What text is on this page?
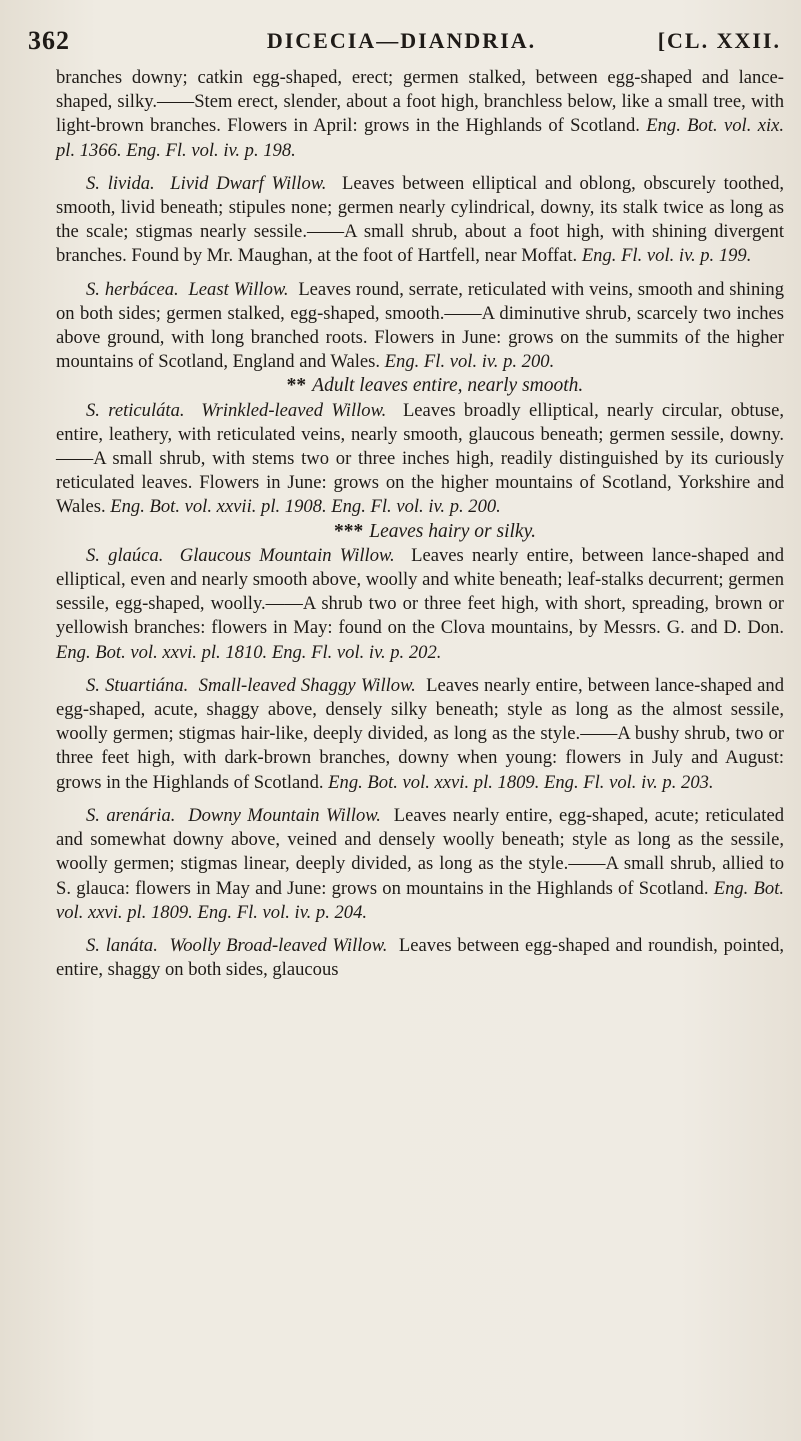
362	DICECIA—DIANDRIA.	[CL. XXII.

branches downy; catkin egg-shaped, erect; germen stalked, between egg-shaped and lance-shaped, silky.——Stem erect, slender, about a foot high, branchless below, like a small tree, with light-brown branches. Flowers in April: grows in the Highlands of Scotland. Eng. Bot. vol. xix. pl. 1366. Eng. Fl. vol. iv. p. 198.

S. livida. Livid Dwarf Willow. Leaves between elliptical and oblong, obscurely toothed, smooth, livid beneath; stipules none; germen nearly cylindrical, downy, its stalk twice as long as the scale; stigmas nearly sessile.——A small shrub, about a foot high, with shining divergent branches. Found by Mr. Maughan, at the foot of Hartfell, near Moffat. Eng. Fl. vol. iv. p. 199.

S. herbácea. Least Willow. Leaves round, serrate, reticulated with veins, smooth and shining on both sides; germen stalked, egg-shaped, smooth.——A diminutive shrub, scarcely two inches above ground, with long branched roots. Flowers in June: grows on the summits of the higher mountains of Scotland, England and Wales. Eng. Fl. vol. iv. p. 200.

** Adult leaves entire, nearly smooth.

S. reticuláta. Wrinkled-leaved Willow. Leaves broadly elliptical, nearly circular, obtuse, entire, leathery, with reticulated veins, nearly smooth, glaucous beneath; germen sessile, downy.——A small shrub, with stems two or three inches high, readily distinguished by its curiously reticulated leaves. Flowers in June: grows on the higher mountains of Scotland, Yorkshire and Wales. Eng. Bot. vol. xxvii. pl. 1908. Eng. Fl. vol. iv. p. 200.

*** Leaves hairy or silky.

S. glaúca. Glaucous Mountain Willow. Leaves nearly entire, between lance-shaped and elliptical, even and nearly smooth above, woolly and white beneath; leaf-stalks decurrent; germen sessile, egg-shaped, woolly.——A shrub two or three feet high, with short, spreading, brown or yellowish branches: flowers in May: found on the Clova mountains, by Messrs. G. and D. Don. Eng. Bot. vol. xxvi. pl. 1810. Eng. Fl. vol. iv. p. 202.

S. Stuartiána. Small-leaved Shaggy Willow. Leaves nearly entire, between lance-shaped and egg-shaped, acute, shaggy above, densely silky beneath; style as long as the almost sessile, woolly germen; stigmas hair-like, deeply divided, as long as the style.——A bushy shrub, two or three feet high, with dark-brown branches, downy when young: flowers in July and August: grows in the Highlands of Scotland. Eng. Bot. vol. xxvi. pl. 1809. Eng. Fl. vol. iv. p. 203.

S. arenária. Downy Mountain Willow. Leaves nearly entire, egg-shaped, acute; reticulated and somewhat downy above, veined and densely woolly beneath; style as long as the sessile, woolly germen; stigmas linear, deeply divided, as long as the style.——A small shrub, allied to S. glauca: flowers in May and June: grows on mountains in the Highlands of Scotland. Eng. Bot. vol. xxvi. pl. 1809. Eng. Fl. vol. iv. p. 204.

S. lanáta. Woolly Broad-leaved Willow. Leaves between egg-shaped and roundish, pointed, entire, shaggy on both sides, glaucous
